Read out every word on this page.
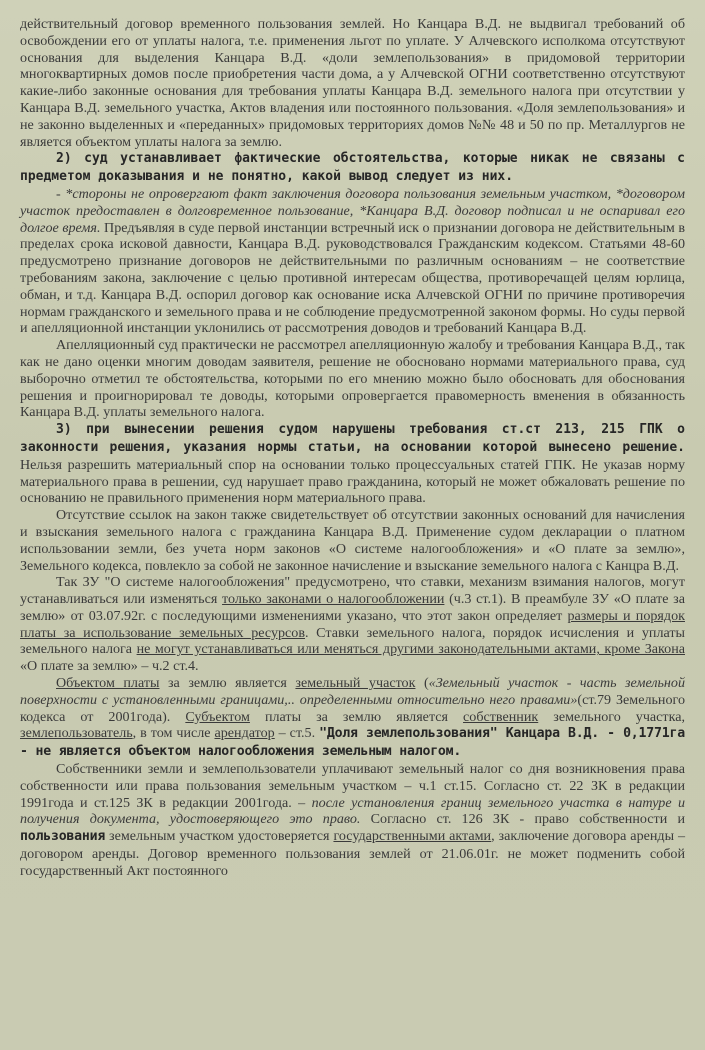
действительный договор временного пользования землей. Но Канцара В.Д. не выдвигал требований об освобождении его от уплаты налога, т.е. применения льгот по уплате. У Алчевского исполкома отсутствуют основания для выделения Канцара В.Д. «доли землепользования» в придомовой территории многоквартирных домов после приобретения части дома, а у Алчевской ОГНИ соответственно отсутствуют какие-либо законные основания для требования уплаты Канцара В.Д. земельного налога при отсутствии у Канцара В.Д. земельного участка, Актов владения или постоянного пользования. «Доля землепользования» и не законно выделенных и «переданных» придомовых территориях домов №№ 48 и 50 по пр. Металлургов не является объектом уплаты налога за землю.

2) суд устанавливает фактические обстоятельства, которые никак не связаны с предметом доказывания и не понятно, какой вывод следует из них.

- *стороны не опровергают факт заключения договора пользования земельным участком, *договором участок предоставлен в долговременное пользование, *Канцара В.Д. договор подписал и не оспаривал его долгое время. Предъявляя в суде первой инстанции встречный иск о признании договора не действительным в пределах срока исковой давности, Канцара В.Д. руководствовался Гражданским кодексом. Статьями 48-60 предусмотрено признание договоров не действительными по различным основаниям – не соответствие требованиям закона, заключение с целью противной интересам общества, противоречащей целям юрлица, обман, и т.д. Канцара В.Д. оспорил договор как основание иска Алчевской ОГНИ по причине противоречия нормам гражданского и земельного права и не соблюдение предусмотренной законом формы. Но суды первой и апелляционной инстанции уклонились от рассмотрения доводов и требований Канцара В.Д.

Апелляционный суд практически не рассмотрел апелляционную жалобу и требования Канцара В.Д., так как не дано оценки многим доводам заявителя, решение не обосновано нормами материального права, суд выборочно отметил те обстоятельства, которыми по его мнению можно было обосновать для обоснования решения и проигнорировал те доводы, которыми опровергается правомерность вменения в обязанность Канцара В.Д. уплаты земельного налога.

3) при вынесении решения судом нарушены требования ст.ст 213, 215 ГПК о законности решения, указания нормы статьи, на основании которой вынесено решение. Нельзя разрешить материальный спор на основании только процессуальных статей ГПК. Не указав норму материального права в решении, суд нарушает право гражданина, который не может обжаловать решение по основанию не правильного применения норм материального права.

Отсутствие ссылок на закон также свидетельствует об отсутствии законных оснований для начисления и взыскания земельного налога с гражданина Канцара В.Д. Применение судом декларации о платном использовании земли, без учета норм законов «О системе налогообложения» и «О плате за землю», Земельного кодекса, повлекло за собой не законное начисление и взыскание земельного налога с Канцра В.Д.

Так ЗУ "О системе налогообложения" предусмотрено, что ставки, механизм взимания налогов, могут устанавливаться или изменяться только законами о налогообложении (ч.3 ст.1). В преамбуле ЗУ «О плате за землю» от 03.07.92г. с последующими изменениями указано, что этот закон определяет размеры и порядок платы за использование земельных ресурсов. Ставки земельного налога, порядок исчисления и уплаты земельного налога не могут устанавливаться или меняться другими законодательными актами, кроме Закона «О плате за землю» – ч.2 ст.4.

Объектом платы за землю является земельный участок («Земельный участок - часть земельной поверхности с установленными границами,.. определенными относительно него правами»(ст.79 Земельного кодекса от 2001года). Субъектом платы за землю является собственник земельного участка, землепользователь, в том числе арендатор – ст.5. "Доля землепользования" Канцара В.Д. - 0,1771га - не является объектом налогообложения земельным налогом.

Собственники земли и землепользователи уплачивают земельный налог со дня возникновения права собственности или права пользования земельным участком – ч.1 ст.15. Согласно ст. 22 ЗК в редакции 1991года и ст.125 ЗК в редакции 2001года. – после установления границ земельного участка в натуре и получения документа, удостоверяющего это право. Согласно ст. 126 ЗК - право собственности и пользования земельным участком удостоверяется государственными актами, заключение договора аренды – договором аренды. Договор временного пользования землей от 21.06.01г. не может подменить собой государственный Акт постоянного
